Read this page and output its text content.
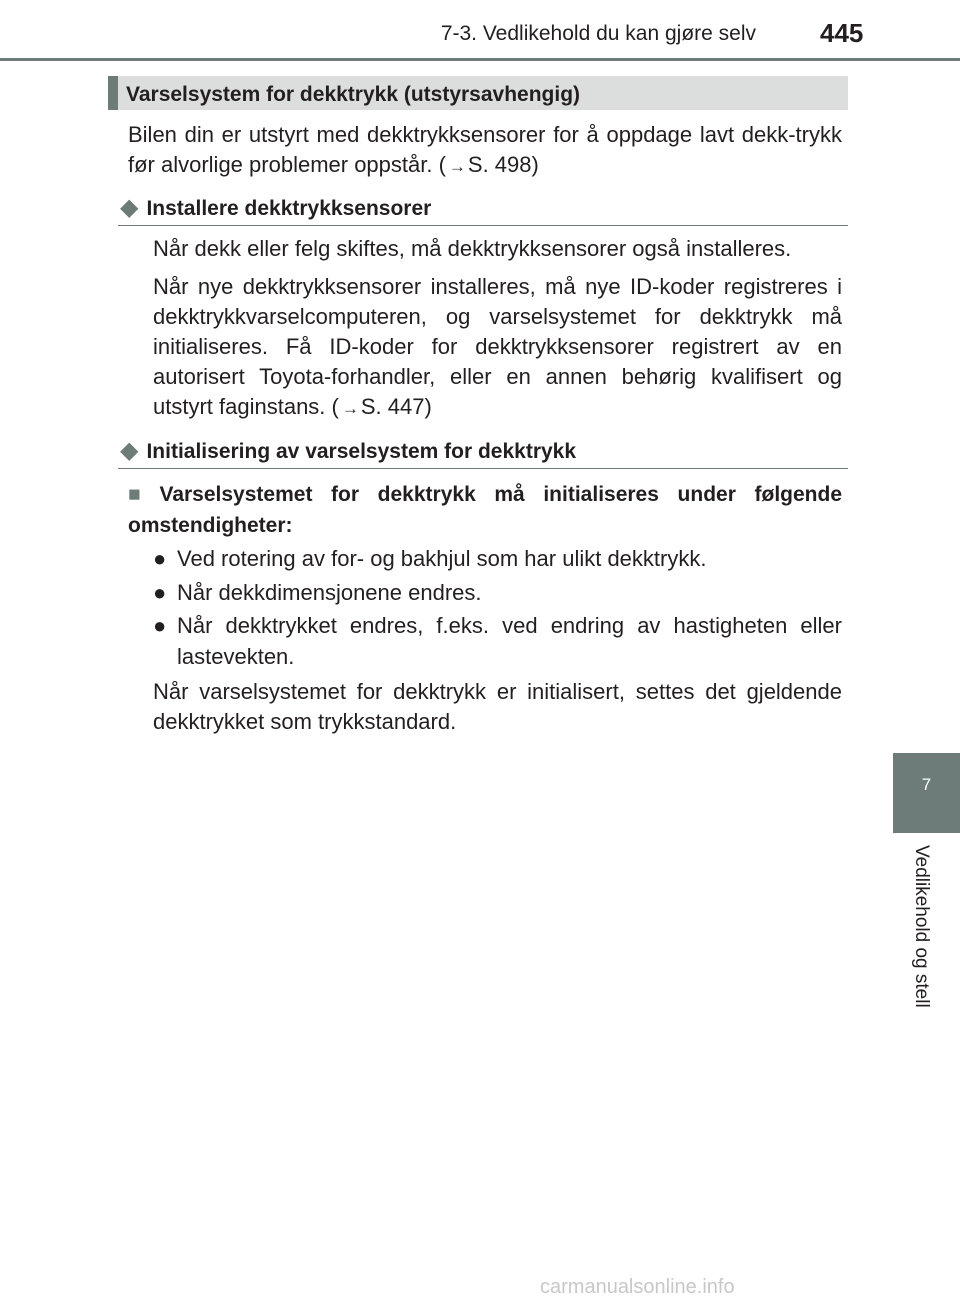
7-3. Vedlikehold du kan gjøre selv 445
7
Vedlikehold og stell
Varselsystem for dekktrykk (utstyrsavhengig)
Bilen din er utstyrt med dekktrykksensorer for å oppdage lavt dekk-trykk før alvorlige problemer oppstår. ( →S. 498)
◆ Installere dekktrykksensorer
Når dekk eller felg skiftes, må dekktrykksensorer også installeres.
Når nye dekktrykksensorer installeres, må nye ID-koder registreres i dekktrykkvarselcomputeren, og varselsystemet for dekktrykk må initialiseres. Få ID-koder for dekktrykksensorer registrert av en autorisert Toyota-forhandler, eller en annen behørig kvalifisert og utstyrt faginstans. ( →S. 447)
◆ Initialisering av varselsystem for dekktrykk
■ Varselsystemet for dekktrykk må initialiseres under følgende omstendigheter:
● Ved rotering av for- og bakhjul som har ulikt dekktrykk.
● Når dekkdimensjonene endres.
● Når dekktrykket endres, f.eks. ved endring av hastigheten eller lastevekten.
Når varselsystemet for dekktrykk er initialisert, settes det gjeldende dekktrykket som trykkstandard.
carmanualsonline.info
